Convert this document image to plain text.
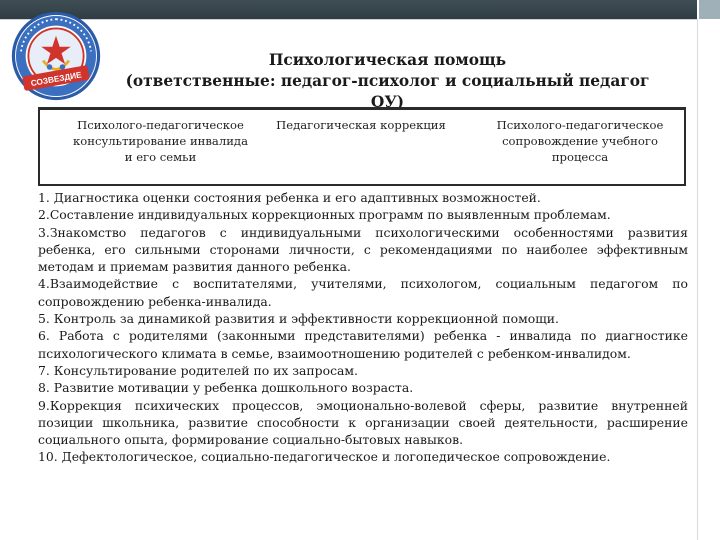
СОЗВЕЗДИЕ
Психологическая помощь
(ответственные: педагог-психолог и социальный педагог
ОУ)
Психолого-педагогическое консультирование инвалида и его семьи
Педагогическая коррекция	Психолого-педагогическое сопровождение учебного процесса

1. Диагностика оценки состояния ребенка и его адаптивных возможностей.

2.Составление индивидуальных коррекционных программ по выявленным проблемам.

3.Знакомство педагогов с индивидуальными психологическими особенностями развития ребенка, его сильными сторонами личности, с рекомендациями по наиболее эффективным методам и приемам развития данного ребенка.

4.Взаимодействие с воспитателями, учителями, психологом, социальным педагогом по сопровождению ребенка-инвалида.

5. Контроль за динамикой развития и эффективности коррекционной помощи.

6. Работа с родителями (законными представителями) ребенка - инвалида по диагностике психологического климата в семье, взаимоотношению родителей с ребенком-инвалидом.

7. Консультирование родителей по их запросам.

8. Развитие мотивации у ребенка дошкольного возраста.

9.Коррекция психических процессов, эмоционально-волевой сферы, развитие внутренней позиции школьника, развитие способности к организации своей деятельности, расширение социального опыта, формирование социально-бытовых навыков.

10. Дефектологическое, социально-педагогическое и логопедическое сопровождение.
